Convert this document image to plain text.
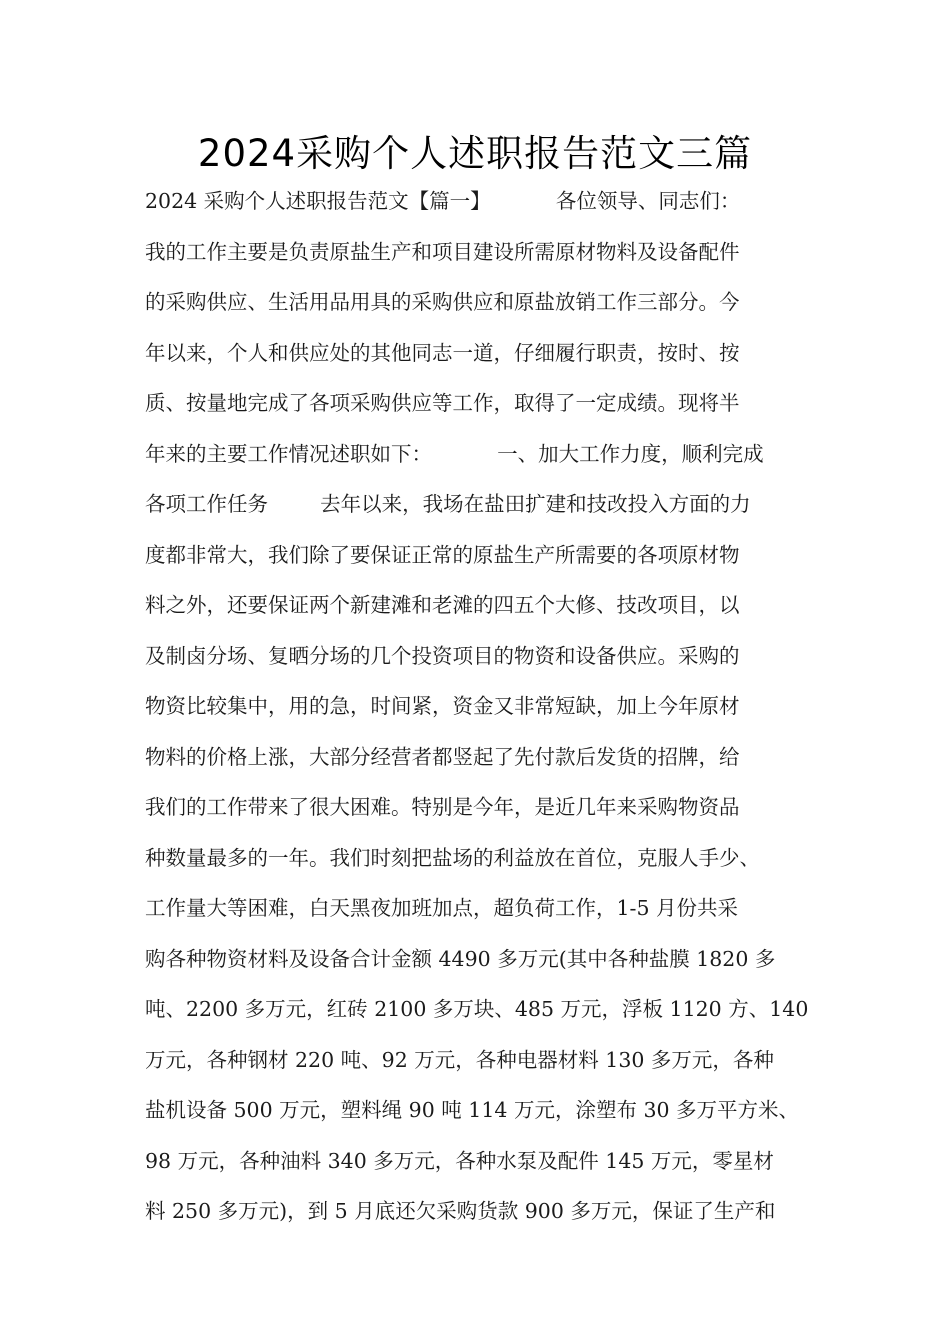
2024采购个人述职报告范文三篇
2024 采购个人述职报告范文【篇一】          各位领导、同志们：
我的工作主要是负责原盐生产和项目建设所需原材物料及设备配件
的采购供应、生活用品用具的采购供应和原盐放销工作三部分。今
年以来，个人和供应处的其他同志一道，仔细履行职责，按时、按
质、按量地完成了各项采购供应等工作，取得了一定成绩。现将半
年来的主要工作情况述职如下：          一、加大工作力度，顺利完成
各项工作任务        去年以来，我场在盐田扩建和技改投入方面的力
度都非常大，我们除了要保证正常的原盐生产所需要的各项原材物
料之外，还要保证两个新建滩和老滩的四五个大修、技改项目，以
及制卤分场、复晒分场的几个投资项目的物资和设备供应。采购的
物资比较集中，用的急，时间紧，资金又非常短缺，加上今年原材
物料的价格上涨，大部分经营者都竖起了先付款后发货的招牌，给
我们的工作带来了很大困难。特别是今年，是近几年来采购物资品
种数量最多的一年。我们时刻把盐场的利益放在首位，克服人手少、
工作量大等困难，白天黑夜加班加点，超负荷工作，1-5 月份共采
购各种物资材料及设备合计金额 4490 多万元(其中各种盐膜 1820 多
吨、2200 多万元，红砖 2100 多万块、485 万元，浮板 1120 方、140
万元，各种钢材 220 吨、92 万元，各种电器材料 130 多万元，各种
盐机设备 500 万元，塑料绳 90 吨 114 万元，涂塑布 30 多万平方米、
98 万元，各种油料 340 多万元，各种水泵及配件 145 万元，零星材
料 250 多万元)，到 5 月底还欠采购货款 900 多万元，保证了生产和
